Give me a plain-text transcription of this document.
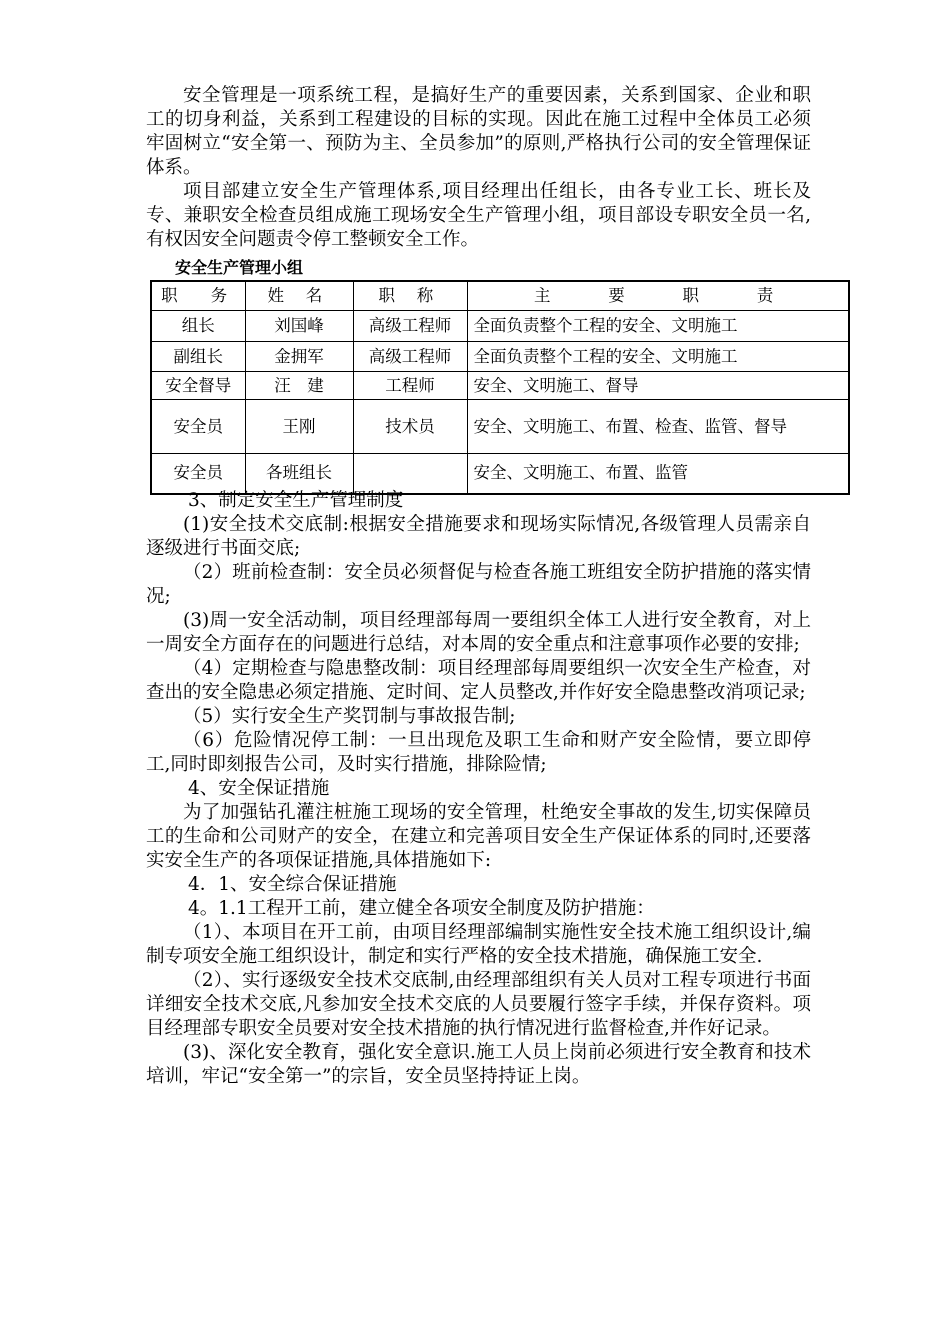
安全管理是一项系统工程，是搞好生产的重要因素，关系到国家、企业和职工的切身利益，关系到工程建设的目标的实现。因此在施工过程中全体员工必须牢固树立“安全第一、预防为主、全员参加”的原则,严格执行公司的安全管理保证体系。

项目部建立安全生产管理体系,项目经理出任组长，由各专业工长、班长及专、兼职安全检查员组成施工现场安全生产管理小组，项目部设专职安全员一名,有权因安全问题责令停工整顿安全工作。

安全生产管理小组
职　务	姓 名	职 称	主　　要　　职　　责
组长	刘国峰	高级工程师	全面负责整个工程的安全、文明施工
副组长	金拥军	高级工程师	全面负责整个工程的安全、文明施工
安全督导	汪　建	工程师	安全、文明施工、督导
安全员	王刚	技术员	安全、文明施工、布置、检查、监管、督导
安全员	各班组长		安全、文明施工、布置、监管

3、制定安全生产管理制度

(1)安全技术交底制:根据安全措施要求和现场实际情况,各级管理人员需亲自逐级进行书面交底;

（2）班前检查制：安全员必须督促与检查各施工班组安全防护措施的落实情况;

(3)周一安全活动制，项目经理部每周一要组织全体工人进行安全教育，对上一周安全方面存在的问题进行总结，对本周的安全重点和注意事项作必要的安排;

（4）定期检查与隐患整改制：项目经理部每周要组织一次安全生产检查，对查出的安全隐患必须定措施、定时间、定人员整改,并作好安全隐患整改消项记录;

（5）实行安全生产奖罚制与事故报告制;

（6）危险情况停工制：一旦出现危及职工生命和财产安全险情，要立即停工,同时即刻报告公司，及时实行措施，排除险情;

4、安全保证措施

为了加强钻孔灌注桩施工现场的安全管理，杜绝安全事故的发生,切实保障员工的生命和公司财产的安全，在建立和完善项目安全生产保证体系的同时,还要落实安全生产的各项保证措施,具体措施如下:

4．1、安全综合保证措施

4。1.1工程开工前，建立健全各项安全制度及防护措施：

（1）、本项目在开工前，由项目经理部编制实施性安全技术施工组织设计,编制专项安全施工组织设计，制定和实行严格的安全技术措施，确保施工安全.

（2）、实行逐级安全技术交底制,由经理部组织有关人员对工程专项进行书面详细安全技术交底,凡参加安全技术交底的人员要履行签字手续，并保存资料。项目经理部专职安全员要对安全技术措施的执行情况进行监督检查,并作好记录。

(3)、深化安全教育，强化安全意识.施工人员上岗前必须进行安全教育和技术培训，牢记“安全第一”的宗旨，安全员坚持持证上岗。
